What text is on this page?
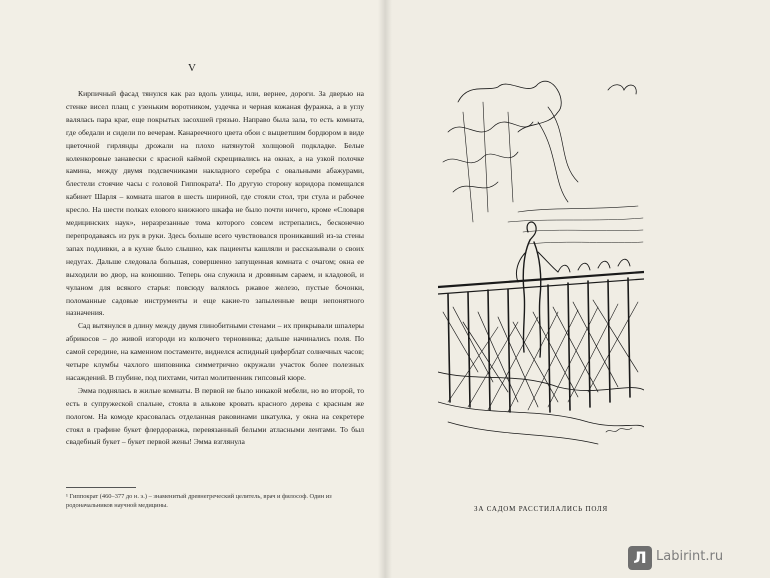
V

Кирпичный фасад тянулся как раз вдоль улицы, или, вернее, дороги. За дверью на стенке висел плащ с узеньким воротником, уздечка и черная кожаная фуражка, а в углу валялась пара краг, еще покрытых засохшей грязью. Направо была зала, то есть комната, где обедали и сидели по вечерам. Канареечного цвета обои с выцветшим бордюром в виде цветочной гирлянды дрожали на плохо натянутой холщовой подкладке. Белые коленкоровые занавески с красной каймой скрещивались на окнах, а на узкой полочке камина, между двумя подсвечниками накладного серебра с овальными абажурами, блестели стоячие часы с головой Гиппократа¹. По другую сторону коридора помещался кабинет Шарля – комната шагов в шесть шириной, где стояли стол, три стула и рабочее кресло. На шести полках елового книжного шкафа не было почти ничего, кроме «Словаря медицинских наук», неразрезанные тома которого совсем истрепались, бесконечно перепродаваясь из рук в руки. Здесь больше всего чувствовался проникавший из-за стены запах подливки, а в кухне было слышно, как пациенты кашляли и рассказывали о своих недугах. Дальше следовала большая, совершенно запущенная комната с очагом; окна ее выходили во двор, на конюшню. Теперь она служила и дровяным сараем, и кладовой, и чуланом для всякого старья: повсюду валялось ржавое железо, пустые бочонки, поломанные садовые инструменты и еще какие-то запыленные вещи непонятного назначения.

Сад вытянулся в длину между двумя глинобитными стенами – их прикрывали шпалеры абрикосов – до живой изгороди из колючего терновника; дальше начинались поля. По самой середине, на каменном постаменте, виднелся аспидный циферблат солнечных часов; четыре клумбы чахлого шиповника симметрично окружали участок более полезных насаждений. В глубине, под пихтами, читал молитвенник гипсовый кюре.

Эмма поднялась в жилые комнаты. В первой не было никакой мебели, но во второй, то есть в супружеской спальне, стояла в алькове кровать красного дерева с красным же пологом. На комоде красовалась отделанная раковинами шкатулка, у окна на секретере стоял в графине букет флердоранжа, перевязанный белыми атласными лентами. То был свадебный букет – букет первой жены! Эмма взглянула

¹ Гиппократ (460–377 до н. э.) – знаменитый древнегреческий целитель, врач и философ. Один из родоначальников научной медицины.	ЗА САДОМ РАССТИЛАЛИСЬ ПОЛЯ
Л Labirint.ru
